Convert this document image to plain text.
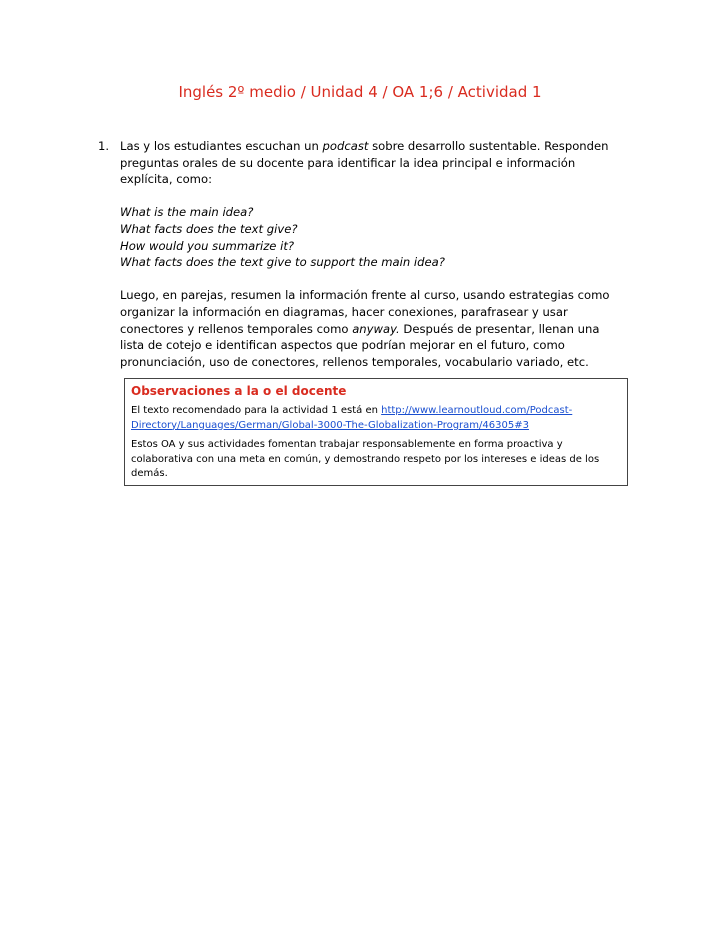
Inglés 2º medio / Unidad 4 / OA 1;6 / Actividad 1
1. Las y los estudiantes escuchan un podcast sobre desarrollo sustentable. Responden preguntas orales de su docente para identificar la idea principal e información explícita, como:

What is the main idea?
What facts does the text give?
How would you summarize it?
What facts does the text give to support the main idea?

Luego, en parejas, resumen la información frente al curso, usando estrategias como organizar la información en diagramas, hacer conexiones, parafrasear y usar conectores y rellenos temporales como anyway. Después de presentar, llenan una lista de cotejo e identifican aspectos que podrían mejorar en el futuro, como pronunciación, uso de conectores, rellenos temporales, vocabulario variado, etc.

Observaciones a la o el docente
El texto recomendado para la actividad 1 está en http://www.learnoutloud.com/Podcast-Directory/Languages/German/Global-3000-The-Globalization-Program/46305#3
Estos OA y sus actividades fomentan trabajar responsablemente en forma proactiva y colaborativa con una meta en común, y demostrando respeto por los intereses e ideas de los demás.
